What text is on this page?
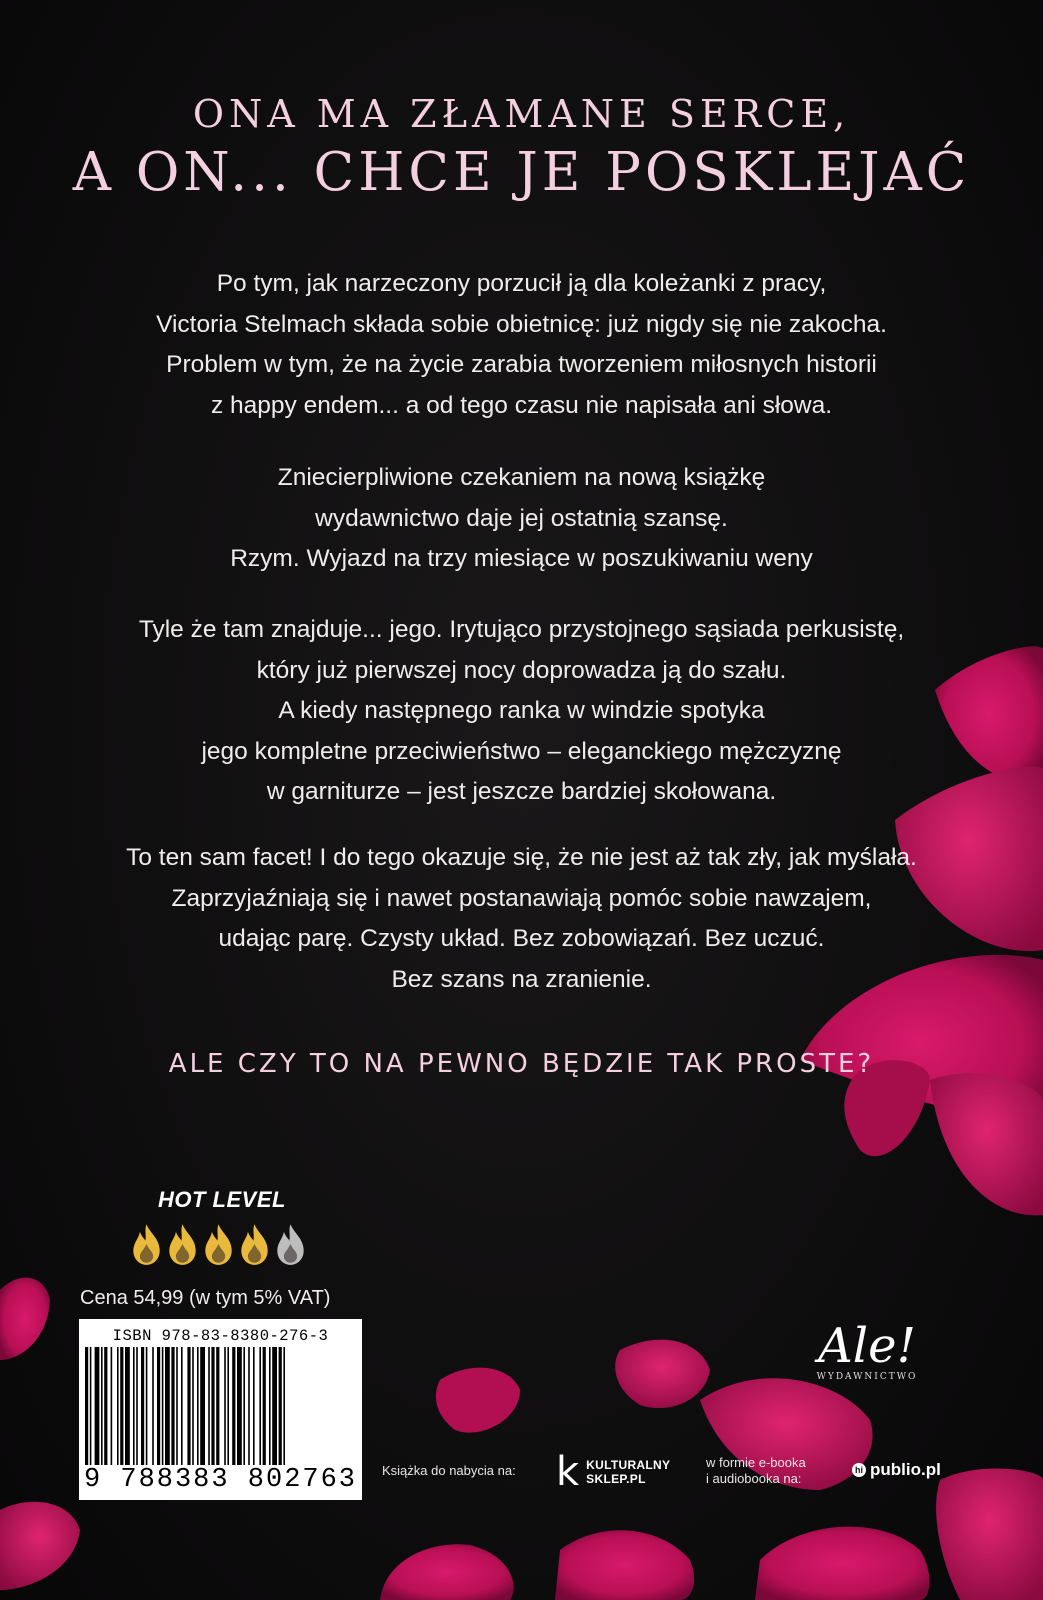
ONA MA ZŁAMANE SERCE,
A ON... CHCE JE POSKLEJAĆ

Po tym, jak narzeczony porzucił ją dla koleżanki z pracy,
Victoria Stelmach składa sobie obietnicę: już nigdy się nie zakocha.
Problem w tym, że na życie zarabia tworzeniem miłosnych historii
z happy endem... a od tego czasu nie napisała ani słowa.

Zniecierpliwione czekaniem na nową książkę
wydawnictwo daje jej ostatnią szansę.
Rzym. Wyjazd na trzy miesiące w poszukiwaniu weny

Tyle że tam znajduje... jego. Irytująco przystojnego sąsiada perkusistę,
który już pierwszej nocy doprowadza ją do szału.
A kiedy następnego ranka w windzie spotyka
jego kompletne przeciwieństwo – eleganckiego mężczyznę
w garniturze – jest jeszcze bardziej skołowana.

To ten sam facet! I do tego okazuje się, że nie jest aż tak zły, jak myślała.
Zaprzyjaźniają się i nawet postanawiają pomóc sobie nawzajem,
udając parę. Czysty układ. Bez zobowiązań. Bez uczuć.
Bez szans na zranienie.

ALE CZY TO NA PEWNO BĘDZIE TAK PROSTE?

HOT LEVEL
Cena 54,99 (w tym 5% VAT)
ISBN 978-83-8380-276-3
9 788383 802763	Książka do nabycia na: k KULTURALNY
SKLEP.PL
w formie e-booka
i audiobooka na:
hi publio.pl
Ale!
WYDAWNICTWO
